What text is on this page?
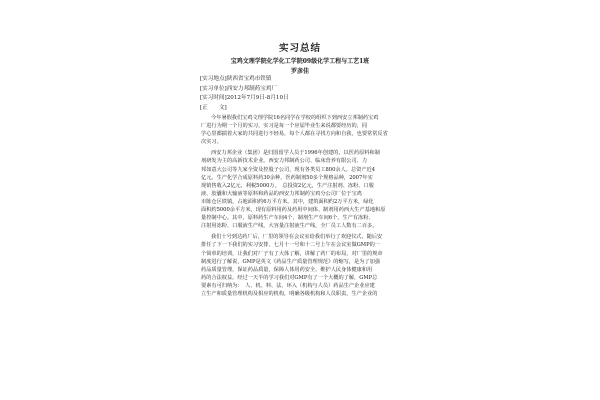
实习总结
宝鸡文理学院化学化工学院09级化学工程与工艺1班
罗彦佳
[实习地点]陕西省宝鸡市铁镇
[实习单位]西安力邦制药宝鸡厂
[实习时间]2012年7月9日-8月10日
[正　　文]
今年暑假我们宝鸡文理学院16名同学在学校的组织下到西安立邦制药宝鸡
厂进行为期一个月的实习。实习是每一个应届毕业生来说都要经历的，同
学心里都揣着大家的共同进行不轻易，每个人都在寻找方向和自我，也要常常反省
次实习。
西安力邦企业（集团）是归国留学人员于1996年创建的，以医药原料和制
剂研发为主的高新技术企业。西安力邦制药公司、临床营养有限公司、力
邦如意大公司等九家全资及控股子公司，现有各类员工800余人。总资产近4
亿元。生产化学合成原料药30余种，医药制剂50多个规格品种，2007年实
现销售收入2亿元，利税5000万。　总投资2亿元，生产注射剂、冻粉、口服
液、胶囊和大输液等原料和药品的西安力邦制药宝鸡分公司厂位于宝鸡
市陈仓区铁镇，占地面积约6万平方米。其中，建筑面积约2万平方米，绿化
面积约5000余平方米，现有原料用药及药用中间体、制剂用药西大生产基地和原
量控制中心。其中，原料药生产车间4个，制剂生产车间6个，生产有冻粉、
注射用冻粉、口服液生产线，大容量注射液生产线，全厂员工人数有二百多。
我们十号到达药厂后，厂里的领导在会议室给我们举行了欢迎仪式，随后安
排任了下一下我们的实习安排，七月十一号和十二号上午在会议室做GMP的一
个简单的培训，让我们对厂子有了大体了解，讲解了药厂的布局，对厂里的规章
制度进行了解说，GMP是英文《药品生产质量管理规范》的缩写，是为了加强
药品质量管理，保证药品质量，保障人体用药安全，维护人民身体健康和用
药的合法权益。经过一天半的学习我们对GMP有了一个大概的了解，GMP总
要素有可归纳为：　人、机、料、法、环入（机构与人员）药品生产企业应建
立生产和质量管理机构及相应的机构，明确各级机构和人员职责，生产企业的
